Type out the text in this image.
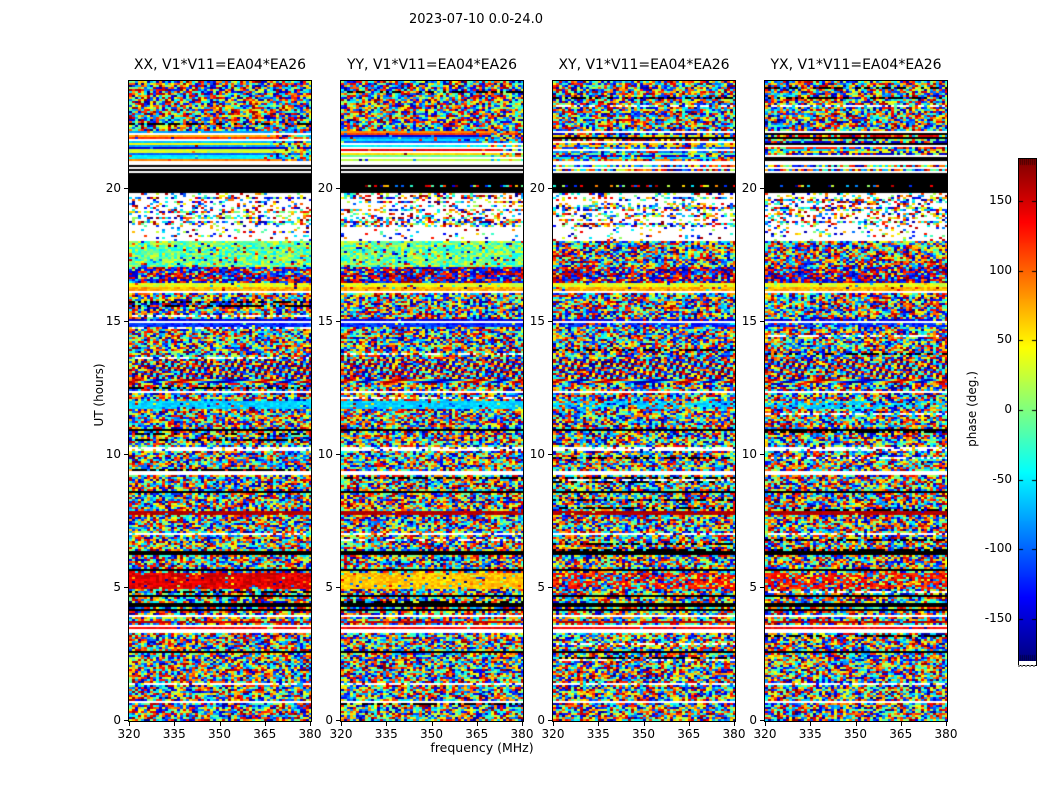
2023-07-10 0.0-24.0
XX, V1*V11=EA04*EA26	YY, V1*V11=EA04*EA26	XY, V1*V11=EA04*EA26	YX, V1*V11=EA04*EA26
UT (hours)
frequency (MHz)
phase (deg.)
320 335 350 365 380
0
5
10
15
20
320 335 350 365 380
0
5
10
15
20
320 335 350 365 380
0
5
10
15
20
320 335 350 365 380
0
5
10
15
20
150
100
50
0
-50
-100
-150
